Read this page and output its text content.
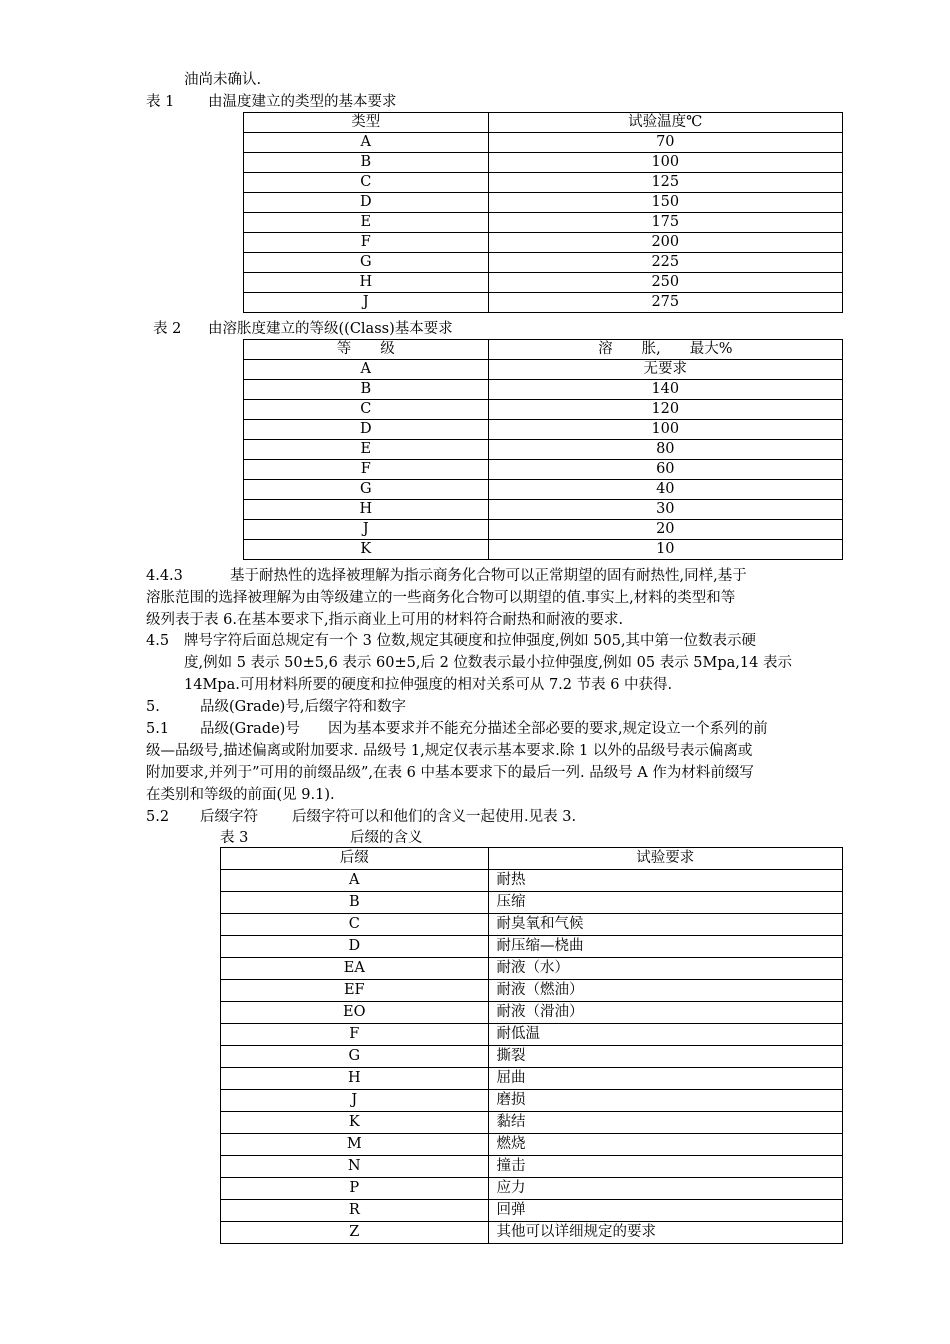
油尚未确认.
表 1 由温度建立的类型的基本要求
类型	试验温度℃
A	70
B	100
C	125
D	150
E	175
F	200
G	225
H	250
J	275
表 2 由溶胀度建立的等级((Class)基本要求
等　　级	溶　　胀,　　最大%
A	无要求
B	140
C	120
D	100
E	80
F	60
G	40
H	30
J	20
K	10
4.4.3	基于耐热性的选择被理解为指示商务化合物可以正常期望的固有耐热性,同样,基于
溶胀范围的选择被理解为由等级建立的一些商务化合物可以期望的值.事实上,材料的类型和等
级列表于表 6.在基本要求下,指示商业上可用的材料符合耐热和耐液的要求.
4.5 牌号字符后面总规定有一个 3 位数,规定其硬度和拉伸强度,例如 505,其中第一位数表示硬
度,例如 5 表示 50±5,6 表示 60±5,后 2 位数表示最小拉伸强度,例如 05 表示 5Mpa,14 表示
14Mpa.可用材料所要的硬度和拉伸强度的相对关系可从 7.2 节表 6 中获得.
5.	品级(Grade)号,后缀字符和数字
5.1 品级(Grade)号 因为基本要求并不能充分描述全部必要的要求,规定设立一个系列的前
级—品级号,描述偏离或附加要求. 品级号 1,规定仅表示基本要求.除 1 以外的品级号表示偏离或
附加要求,并列于”可用的前缀品级”,在表 6 中基本要求下的最后一列. 品级号 A 作为材料前缀写
在类别和等级的前面(见 9.1).
5.2 后缀字符 后缀字符可以和他们的含义一起使用.见表 3.
表 3	后缀的含义
后缀	试验要求
A	耐热
B	压缩
C	耐臭氧和气候
D	耐压缩—桡曲
EA	耐液（水）
EF	耐液（燃油）
EO	耐液（滑油）
F	耐低温
G	撕裂
H	屈曲
J	磨损
K	黏结
M	燃烧
N	撞击
P	应力
R	回弹
Z	其他可以详细规定的要求
